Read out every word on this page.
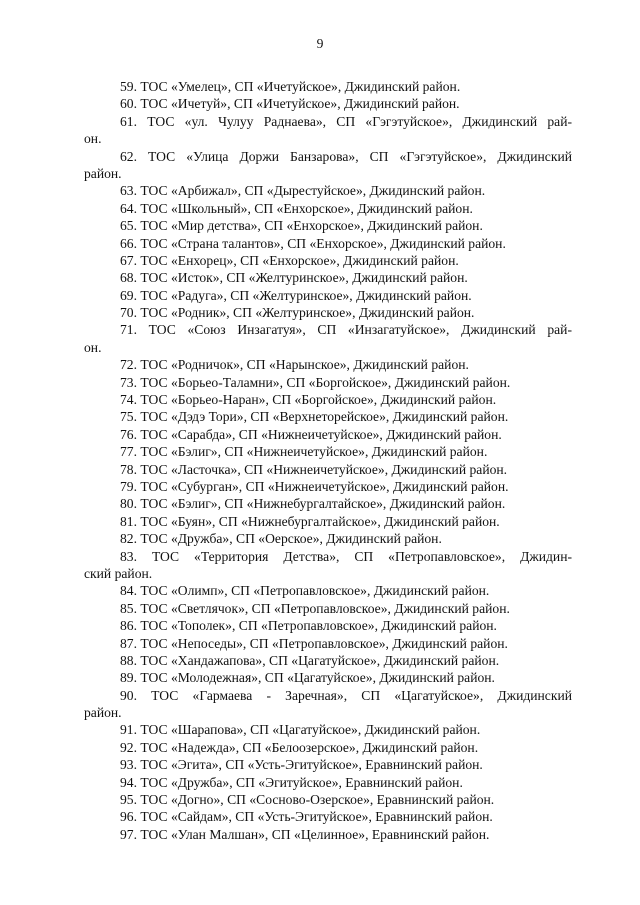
9
59. ТОС «Умелец», СП «Ичетуйское», Джидинский район.
60. ТОС «Ичетуй», СП «Ичетуйское», Джидинский район.
61. ТОС «ул. Чулуу Раднаева», СП «Гэгэтуйское», Джидинский рай-
он.
62. ТОС «Улица Доржи Банзарова», СП «Гэгэтуйское», Джидинский
район.
63. ТОС «Арбижал», СП «Дырестуйское», Джидинский район.
64. ТОС «Школьный», СП «Енхорское», Джидинский район.
65. ТОС «Мир детства», СП «Енхорское», Джидинский район.
66. ТОС «Страна талантов», СП «Енхорское», Джидинский район.
67. ТОС «Енхорец», СП «Енхорское», Джидинский район.
68. ТОС «Исток», СП «Желтуринское», Джидинский район.
69. ТОС «Радуга», СП «Желтуринское», Джидинский район.
70. ТОС «Родник», СП «Желтуринское», Джидинский район.
71. ТОС «Союз Инзагатуя», СП «Инзагатуйское», Джидинский рай-
он.
72. ТОС «Родничок», СП «Нарынское», Джидинский район.
73. ТОС «Борьео-Таламни», СП «Боргойское», Джидинский район.
74. ТОС «Борьео-Наран», СП «Боргойское», Джидинский район.
75. ТОС «Дэдэ Тори», СП «Верхнеторейское», Джидинский район.
76. ТОС «Сарабда», СП «Нижнеичетуйское», Джидинский район.
77. ТОС «Бэлиг», СП «Нижнеичетуйское», Джидинский район.
78. ТОС «Ласточка», СП «Нижнеичетуйское», Джидинский район.
79. ТОС «Субурган», СП «Нижнеичетуйское», Джидинский район.
80. ТОС «Бэлиг», СП «Нижнебургалтайское», Джидинский район.
81. ТОС «Буян», СП «Нижнебургалтайское», Джидинский район.
82. ТОС «Дружба», СП «Оерское», Джидинский район.
83. ТОС «Территория Детства», СП «Петропавловское», Джидин-
ский район.
84. ТОС «Олимп», СП «Петропавловское», Джидинский район.
85. ТОС «Светлячок», СП «Петропавловское», Джидинский район.
86. ТОС «Тополек», СП «Петропавловское», Джидинский район.
87. ТОС «Непоседы», СП «Петропавловское», Джидинский район.
88. ТОС «Хандажапова», СП «Цагатуйское», Джидинский район.
89. ТОС «Молодежная», СП «Цагатуйское», Джидинский район.
90. ТОС «Гармаева - Заречная», СП «Цагатуйское», Джидинский
район.
91. ТОС «Шарапова», СП «Цагатуйское», Джидинский район.
92. ТОС «Надежда», СП «Белоозерское», Джидинский район.
93. ТОС «Эгита», СП «Усть-Эгитуйское», Еравнинский район.
94. ТОС «Дружба», СП «Эгитуйское», Еравнинский район.
95. ТОС «Догно», СП «Сосново-Озерское», Еравнинский район.
96. ТОС «Сайдам», СП «Усть-Эгитуйское», Еравнинский район.
97. ТОС «Улан Малшан», СП «Целинное», Еравнинский район.
